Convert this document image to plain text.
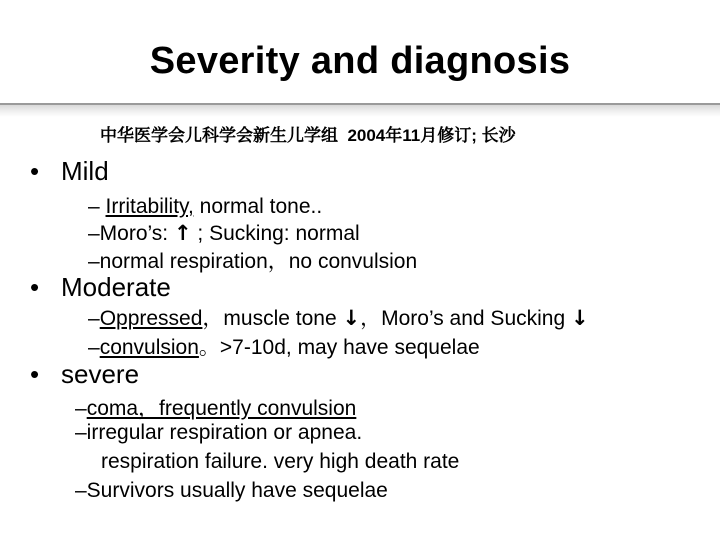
Severity and diagnosis
中华医学会儿科学会新生儿学组  2004年11月修订; 长沙
• Mild
– Irritability, normal tone..
–Moro’s: ↑ ; Sucking: normal
–normal respiration，no convulsion
• Moderate
–Oppressed，muscle tone ↓，Moro’s and Sucking ↓
–convulsion。>7-10d, may have sequelae
• severe
–coma，frequently convulsion
–irregular respiration or apnea.
respiration failure. very high death rate
–Survivors usually have sequelae
